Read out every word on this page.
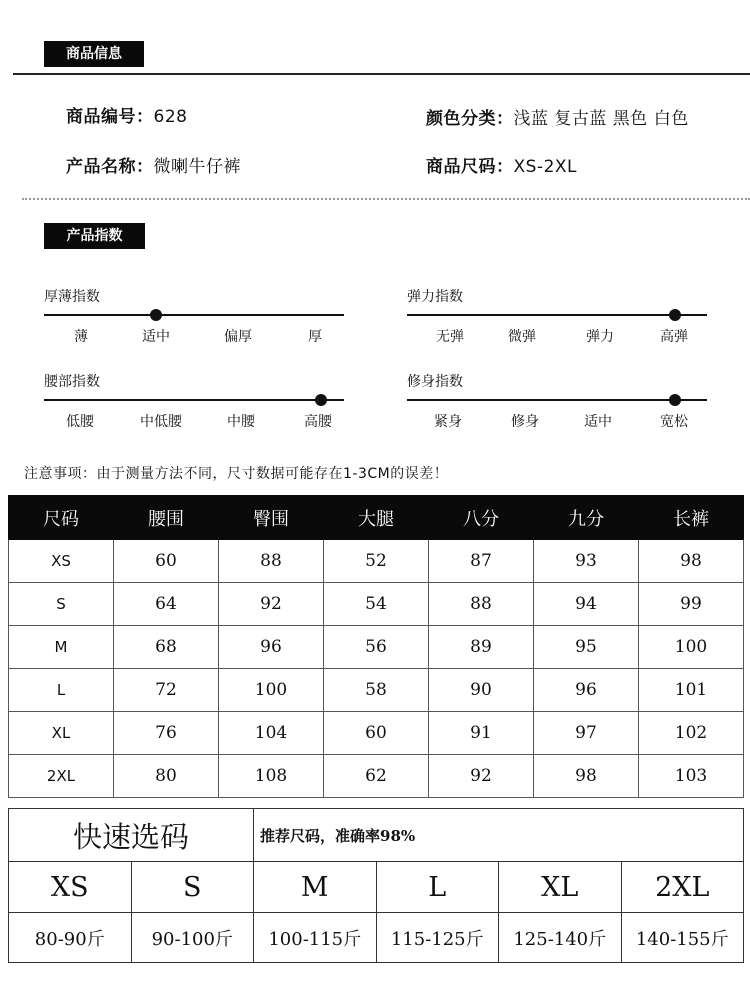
商品信息
商品编号：628	颜色分类：浅蓝 复古蓝 黑色 白色
产品名称：微喇牛仔裤	商品尺码：XS-2XL
产品指数
厚薄指数
薄	适中	偏厚	厚
弹力指数
无弹	微弹	弹力	高弹
腰部指数
低腰	中低腰	中腰	高腰
修身指数
紧身	修身	适中	宽松
注意事项：由于测量方法不同，尺寸数据可能存在1-3CM的误差！
尺码	腰围	臀围	大腿	八分	九分	长裤
XS	60	88	52	87	93	98
S	64	92	54	88	94	99
M	68	96	56	89	95	100
L	72	100	58	90	96	101
XL	76	104	60	91	97	102
2XL	80	108	62	92	98	103
快速选码		推荐尺码，准确率98%			
XS	S	M	L	XL	2XL
80-90斤	90-100斤	100-115斤	115-125斤	125-140斤	140-155斤
